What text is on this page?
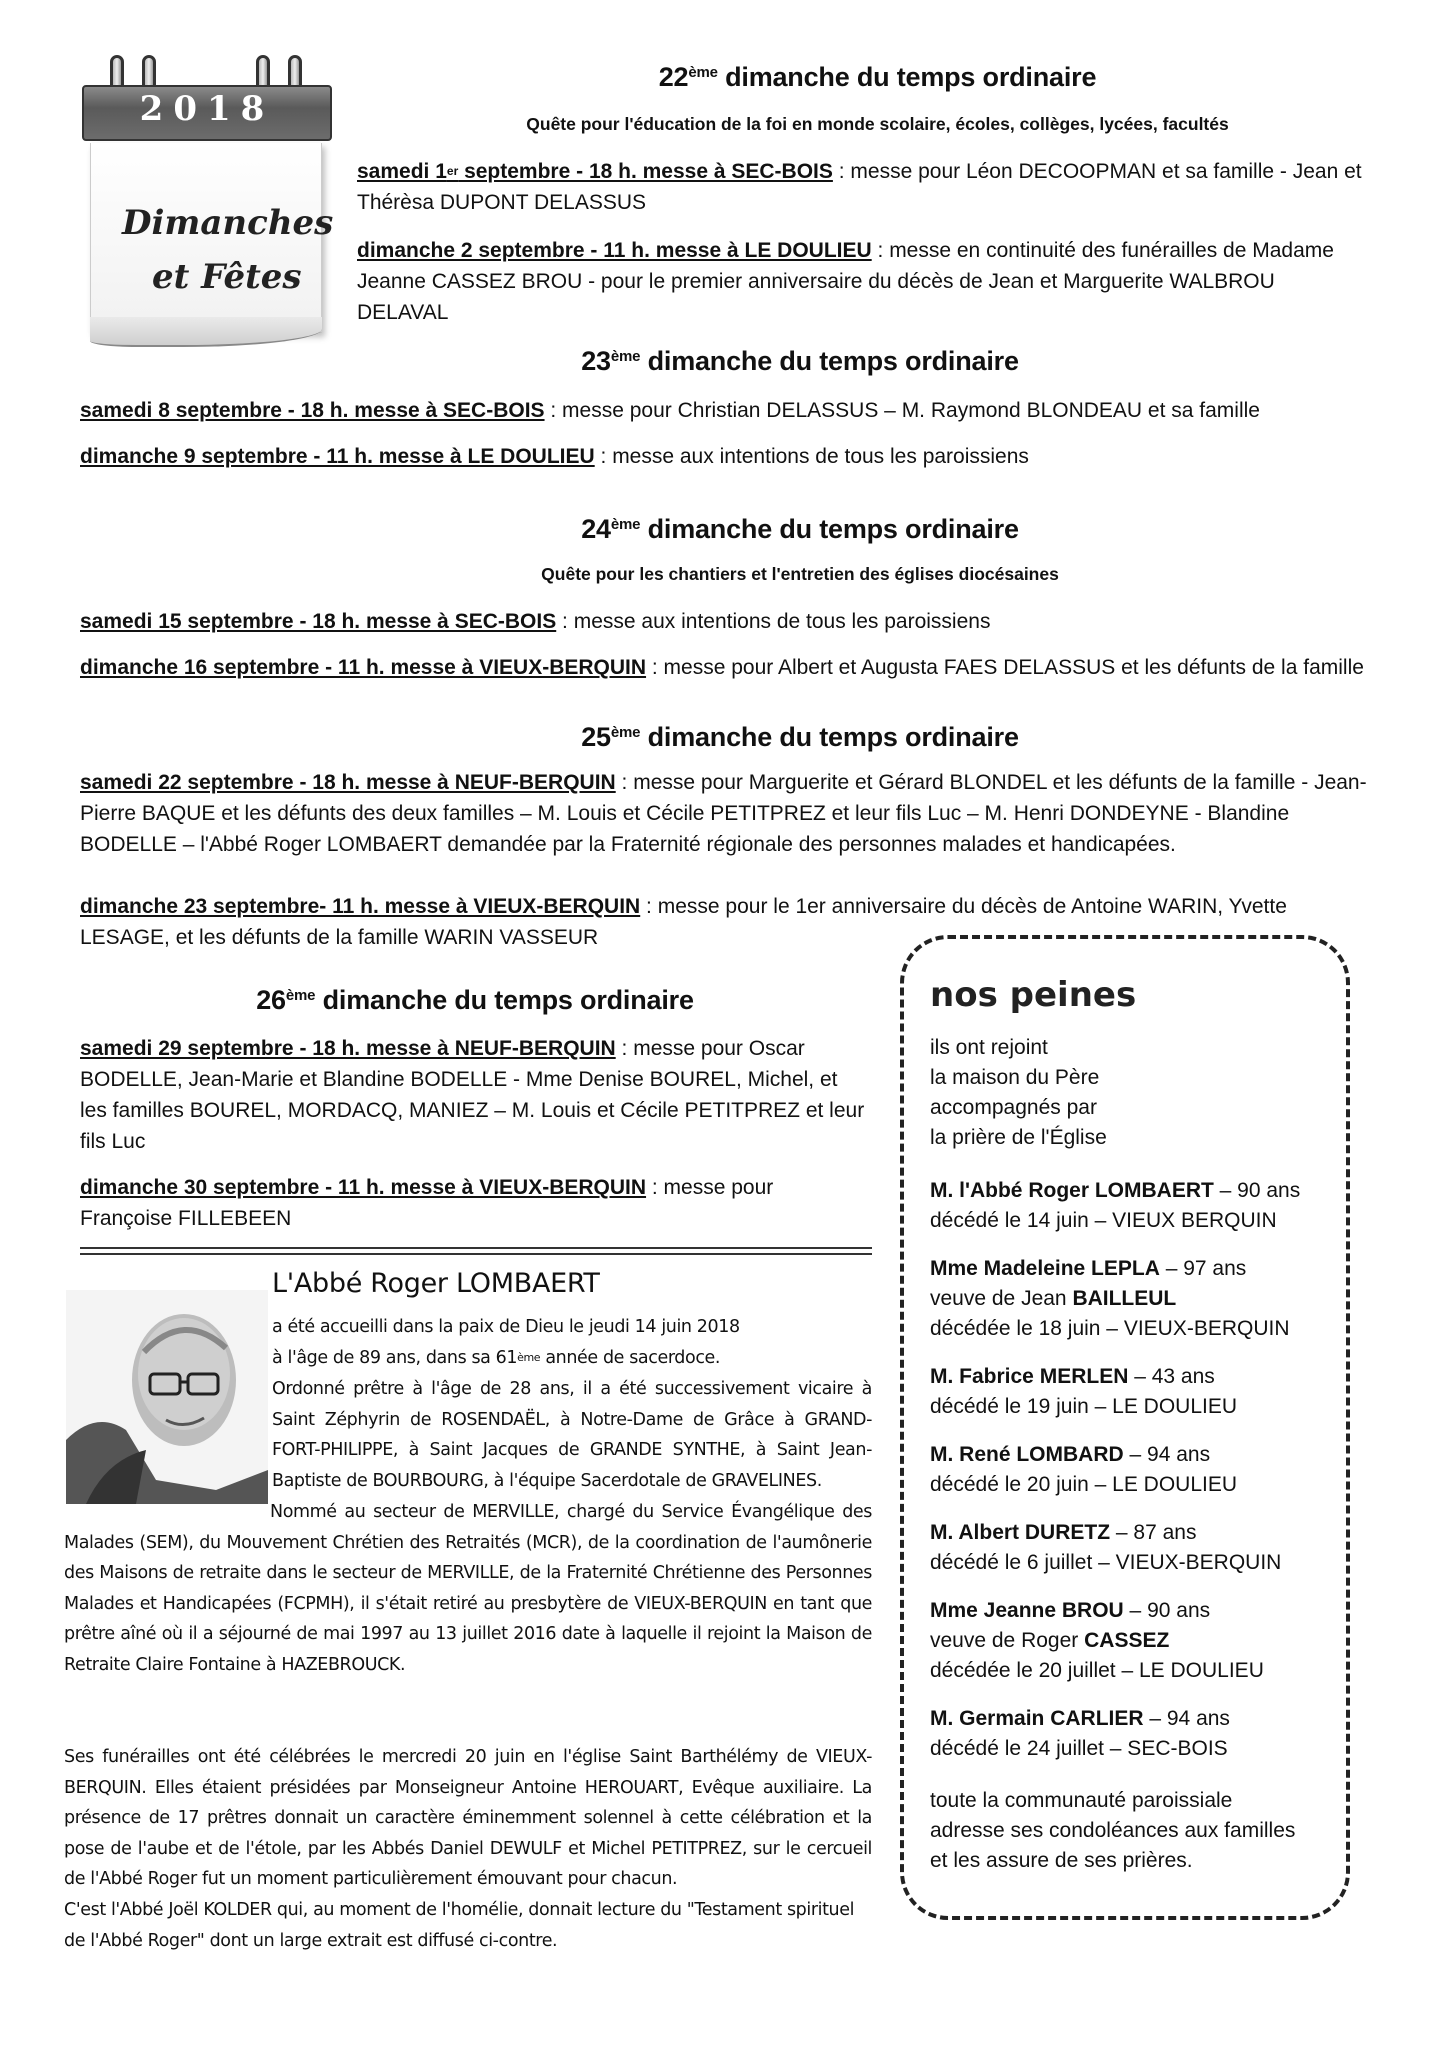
2018
Dimanches
et Fêtes
22ème dimanche du temps ordinaire
Quête pour l'éducation de la foi en monde scolaire, écoles, collèges, lycées, facultés
samedi 1er septembre - 18 h. messe à SEC-BOIS : messe pour Léon DECOOPMAN et sa famille - Jean et Thérèsa DUPONT DELASSUS
dimanche 2 septembre - 11 h. messe à LE DOULIEU : messe en continuité des funérailles de Madame Jeanne CASSEZ BROU - pour le premier anniversaire du décès de Jean et Marguerite WALBROU DELAVAL
23ème dimanche du temps ordinaire
samedi 8 septembre - 18 h. messe à SEC-BOIS : messe pour Christian DELASSUS – M. Raymond BLONDEAU et sa famille
dimanche 9 septembre - 11 h. messe à LE DOULIEU : messe aux intentions de tous les paroissiens
24ème dimanche du temps ordinaire
Quête pour les chantiers et l'entretien des églises diocésaines
samedi 15 septembre - 18 h. messe à SEC-BOIS : messe aux intentions de tous les paroissiens
dimanche 16 septembre - 11 h. messe à VIEUX-BERQUIN : messe pour Albert et Augusta FAES DELASSUS et les défunts de la famille
25ème dimanche du temps ordinaire
samedi 22 septembre - 18 h. messe à NEUF-BERQUIN : messe pour Marguerite et Gérard BLONDEL et les défunts de la famille - Jean-Pierre BAQUE et les défunts des deux familles – M. Louis et Cécile PETITPREZ et leur fils Luc – M. Henri DONDEYNE - Blandine BODELLE – l'Abbé Roger LOMBAERT demandée par la Fraternité régionale des personnes malades et handicapées.
dimanche 23 septembre- 11 h. messe à VIEUX-BERQUIN : messe pour le 1er anniversaire du décès de Antoine WARIN, Yvette LESAGE, et les défunts de la famille WARIN VASSEUR
26ème dimanche du temps ordinaire
samedi 29 septembre - 18 h. messe à NEUF-BERQUIN : messe pour Oscar BODELLE, Jean-Marie et Blandine BODELLE - Mme Denise BOUREL, Michel, et les familles BOUREL, MORDACQ, MANIEZ – M. Louis et Cécile PETITPREZ et leur fils Luc
dimanche 30 septembre - 11 h. messe à VIEUX-BERQUIN : messe pour Françoise FILLEBEEN
L'Abbé Roger LOMBAERT
a été accueilli dans la paix de Dieu le jeudi 14 juin 2018
à l'âge de 89 ans, dans sa 61ème année de sacerdoce.
Ordonné prêtre à l'âge de 28 ans, il a été successivement vicaire à Saint Zéphyrin de ROSENDAËL, à Notre-Dame de Grâce à GRAND-FORT-PHILIPPE, à Saint Jacques de GRANDE SYNTHE, à Saint Jean-Baptiste de BOURBOURG, à l'équipe Sacerdotale de GRAVELINES.
Nommé au secteur de MERVILLE, chargé du Service Évangélique des Malades (SEM), du Mouvement Chrétien des Retraités (MCR), de la coordination de l'aumônerie des Maisons de retraite dans le secteur de MERVILLE, de la Fraternité Chrétienne des Personnes Malades et Handicapées (FCPMH), il s'était retiré au presbytère de VIEUX-BERQUIN en tant que prêtre aîné où il a séjourné de mai 1997 au 13 juillet 2016 date à laquelle il rejoint la Maison de Retraite Claire Fontaine à HAZEBROUCK.
Ses funérailles ont été célébrées le mercredi 20 juin en l'église Saint Barthélémy de VIEUX-BERQUIN. Elles étaient présidées par Monseigneur Antoine HEROUART, Evêque auxiliaire. La présence de 17 prêtres donnait un caractère éminemment solennel à cette célébration et la pose de l'aube et de l'étole, par les Abbés Daniel DEWULF et Michel PETITPREZ, sur le cercueil de l'Abbé Roger fut un moment particulièrement émouvant pour chacun.
C'est l'Abbé Joël KOLDER qui, au moment de l'homélie, donnait lecture du "Testament spirituel de l'Abbé Roger" dont un large extrait est diffusé ci-contre.
nos peines
ils ont rejoint
la maison du Père
accompagnés par
la prière de l'Église
M. l'Abbé Roger LOMBAERT – 90 ans
décédé le 14 juin – VIEUX BERQUIN
Mme Madeleine LEPLA – 97 ans
veuve de Jean BAILLEUL
décédée le 18 juin – VIEUX-BERQUIN
M. Fabrice MERLEN – 43 ans
décédé le 19 juin – LE DOULIEU
M. René LOMBARD – 94 ans
décédé le 20 juin – LE DOULIEU
M. Albert DURETZ – 87 ans
décédé le 6 juillet – VIEUX-BERQUIN
Mme Jeanne BROU – 90 ans
veuve de Roger CASSEZ
décédée le 20 juillet – LE DOULIEU
M. Germain CARLIER – 94 ans
décédé le 24 juillet – SEC-BOIS
toute la communauté paroissiale
adresse ses condoléances aux familles
et les assure de ses prières.
